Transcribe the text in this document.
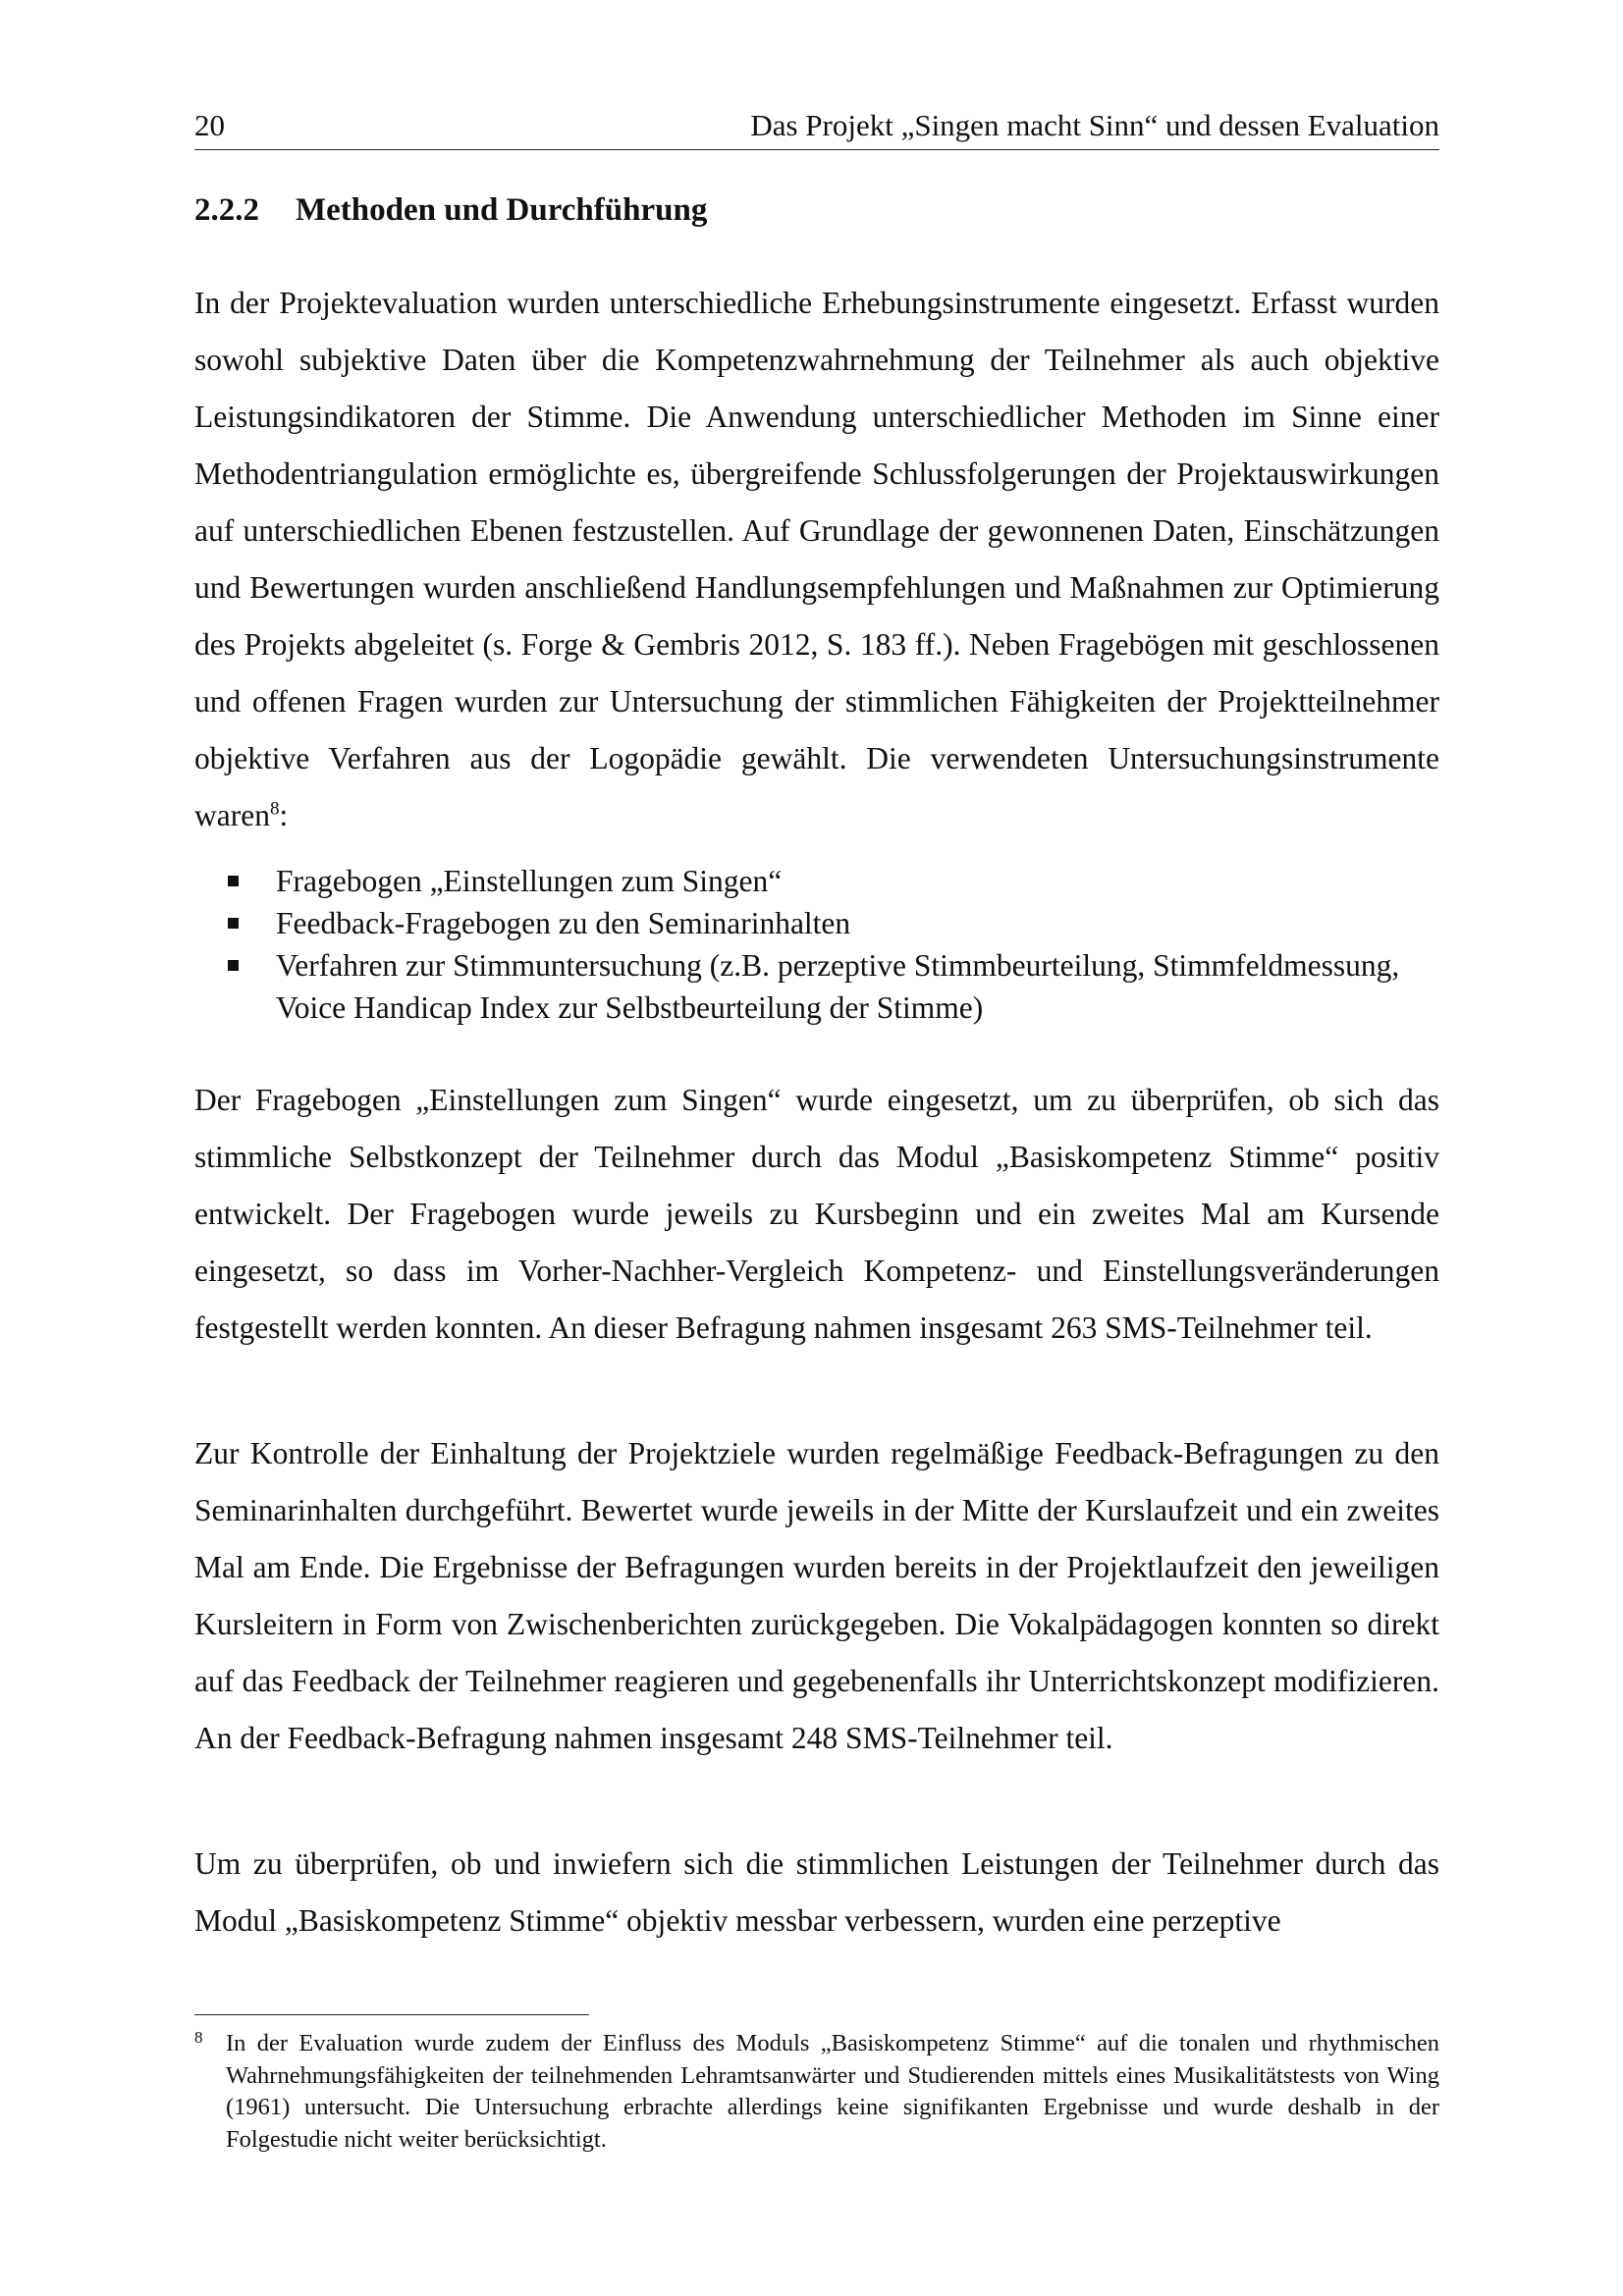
20	Das Projekt „Singen macht Sinn“ und dessen Evaluation
2.2.2 Methoden und Durchführung

In der Projektevaluation wurden unterschiedliche Erhebungsinstrumente eingesetzt. Erfasst wurden sowohl subjektive Daten über die Kompetenzwahrnehmung der Teilnehmer als auch objektive Leistungsindikatoren der Stimme. Die Anwendung unterschiedlicher Methoden im Sinne einer Methodentriangulation ermöglichte es, übergreifende Schlussfolgerungen der Projektauswirkungen auf unterschiedlichen Ebenen festzustellen. Auf Grundlage der gewonnenen Daten, Einschätzungen und Bewertungen wurden anschließend Handlungsempfehlungen und Maßnahmen zur Optimierung des Projekts abgeleitet (s. Forge & Gembris 2012, S. 183 ff.). Neben Fragebögen mit geschlossenen und offenen Fragen wurden zur Untersuchung der stimmlichen Fähigkeiten der Projektteilnehmer objektive Verfahren aus der Logopädie gewählt. Die verwendeten Untersuchungsinstrumente waren$^8$:

Fragebogen „Einstellungen zum Singen“
Feedback-Fragebogen zu den Seminarinhalten
Verfahren zur Stimmuntersuchung (z.B. perzeptive Stimmbeurteilung, Stimmfeldmessung, Voice Handicap Index zur Selbstbeurteilung der Stimme)

Der Fragebogen „Einstellungen zum Singen“ wurde eingesetzt, um zu überprüfen, ob sich das stimmliche Selbstkonzept der Teilnehmer durch das Modul „Basiskompetenz Stimme“ positiv entwickelt. Der Fragebogen wurde jeweils zu Kursbeginn und ein zweites Mal am Kursende eingesetzt, so dass im Vorher-Nachher-Vergleich Kompetenz- und Einstellungsveränderungen festgestellt werden konnten. An dieser Befragung nahmen insgesamt 263 SMS-Teilnehmer teil.

Zur Kontrolle der Einhaltung der Projektziele wurden regelmäßige Feedback-Befragungen zu den Seminarinhalten durchgeführt. Bewertet wurde jeweils in der Mitte der Kurslaufzeit und ein zweites Mal am Ende. Die Ergebnisse der Befragungen wurden bereits in der Projektlaufzeit den jeweiligen Kursleitern in Form von Zwischenberichten zurückgegeben. Die Vokalpädagogen konnten so direkt auf das Feedback der Teilnehmer reagieren und gegebenenfalls ihr Unterrichtskonzept modifizieren. An der Feedback-Befragung nahmen insgesamt 248 SMS-Teilnehmer teil.

Um zu überprüfen, ob und inwiefern sich die stimmlichen Leistungen der Teilnehmer durch das Modul „Basiskompetenz Stimme“ objektiv messbar verbessern, wurden eine perzeptive

8 In der Evaluation wurde zudem der Einfluss des Moduls „Basiskompetenz Stimme“ auf die tonalen und rhythmischen Wahrnehmungsfähigkeiten der teilnehmenden Lehramtsanwärter und Studierenden mittels eines Musikalitätstests von Wing (1961) untersucht. Die Untersuchung erbrachte allerdings keine signifikanten Ergebnisse und wurde deshalb in der Folgestudie nicht weiter berücksichtigt.
